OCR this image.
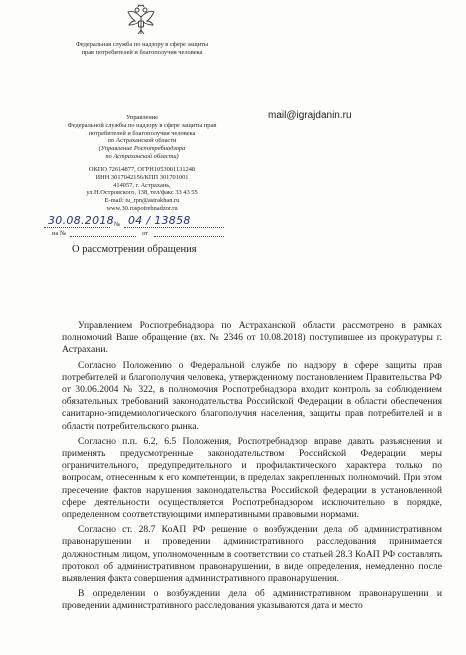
Федеральная служба по надзору в сфере защиты
прав потребителей и благополучия человека
Управление
Федеральной службы по надзору в сфере защиты прав
потребителей и благополучия человека
по Астраханской области
(Управление Роспотребнадзора
по Астраханской области)
ОКПО 72614877, ОГРН1053001131248
ИНН 3017042156/КПП 301701001
414057, г. Астрахань,
ул.Н.Островского, 138, тел/факс 33 43 55
E-mail: tu_rpn@astrakhan.ru
www.30.rospotrebnadzor.ru
mail@igrajdanin.ru
30.08.2018 № 04 / 13858
на №	от
О рассмотрении обращения

Управлением Роспотребнадзора по Астраханской области рассмотрено в рамках полномочий Ваше обращение (вх. № 2346 от 10.08.2018) поступившее из прокуратуры г. Астрахани.

Согласно Положению о Федеральной службе по надзору в сфере защиты прав потребителей и благополучия человека, утвержденному постановлением Правительства РФ от 30.06.2004 № 322, в полномочия Роспотребнадзора входит контроль за соблюдением обязательных требований законодательства Российской Федерации в области обеспечения санитарно-эпидемиологического благополучия населения, защиты прав потребителей и в области потребительского рынка.

Согласно п.п. 6.2, 6.5 Положения, Роспотребнадзор вправе давать разъяснения и применять предусмотренные законодательством Российской Федерации меры ограничительного, предупредительного и профилактического характера только по вопросам, отнесенным к его компетенции, в пределах закрепленных полномочий. При этом пресечение фактов нарушения законодательства Российской федерации в установленной сфере деятельности осуществляется Роспотребнадзором исключительно в порядке, определенном соответствующими императивными правовыми нормами.

Согласно ст. 28.7 КоАП РФ решение о возбуждении дела об административном правонарушении и проведении административного расследования принимается должностным лицом, уполномоченным в соответствии со статьей 28.3 КоАП РФ составлять протокол об административном правонарушении, в виде определения, немедленно после выявления факта совершения административного правонарушения.

В определении о возбуждении дела об административном правонарушении и проведении административного расследования указываются дата и место
